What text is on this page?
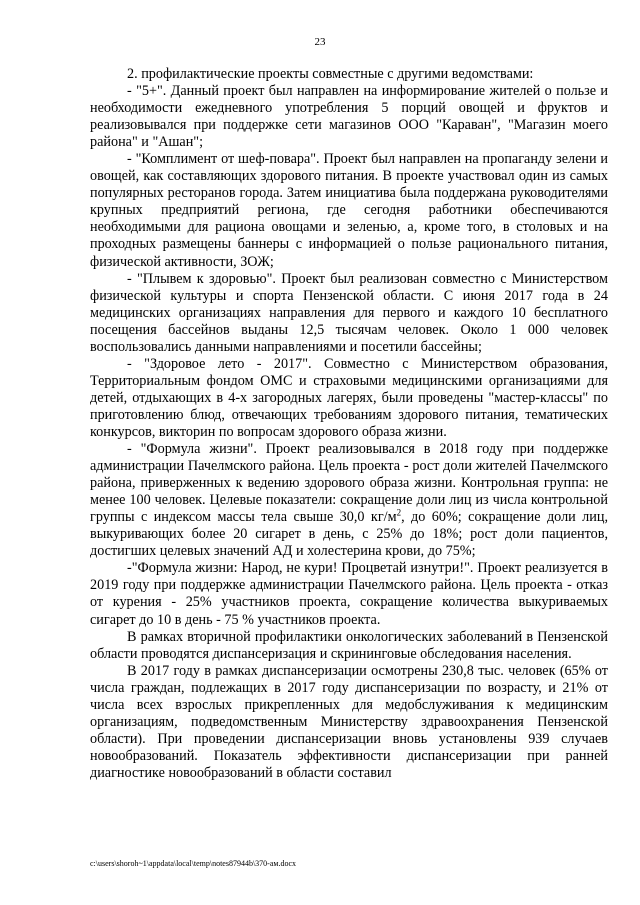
23

2. профилактические проекты совместные с другими ведомствами:

- "5+". Данный проект был направлен на информирование жителей о пользе и необходимости ежедневного употребления 5 порций овощей и фруктов и реализовывался при поддержке сети магазинов ООО "Караван", "Магазин моего района" и "Ашан";

- "Комплимент от шеф-повара". Проект был направлен на пропаганду зелени и овощей, как составляющих здорового питания. В проекте участвовал один из самых популярных ресторанов города. Затем инициатива была поддержана руководителями крупных предприятий региона, где сегодня работники обеспечиваются необходимыми для рациона овощами и зеленью, а, кроме того, в столовых и на проходных размещены баннеры с информацией о пользе рационального питания, физической активности, ЗОЖ;

- "Плывем к здоровью". Проект был реализован совместно с Министерством физической культуры и спорта Пензенской области. С июня 2017 года в 24 медицинских организациях направления для первого и каждого 10 бесплатного посещения бассейнов выданы 12,5 тысячам человек. Около 1 000 человек воспользовались данными направлениями и посетили бассейны;

- "Здоровое лето - 2017". Совместно с Министерством образования, Территориальным фондом ОМС и страховыми медицинскими организациями для детей, отдыхающих в 4-х загородных лагерях, были проведены "мастер-классы" по приготовлению блюд, отвечающих требованиям здорового питания, тематических конкурсов, викторин по вопросам здорового образа жизни.

- "Формула жизни". Проект реализовывался в 2018 году при поддержке администрации Пачелмского района. Цель проекта - рост доли жителей Пачелмского района, приверженных к ведению здорового образа жизни. Контрольная группа: не менее 100 человек. Целевые показатели: сокращение доли лиц из числа контрольной группы с индексом массы тела свыше 30,0 $кг/м^2$, до 60%; сокращение доли лиц, выкуривающих более 20 сигарет в день, с 25% до 18%; рост доли пациентов, достигших целевых значений АД и холестерина крови, до 75%;

-"Формула жизни: Народ, не кури! Процветай изнутри!". Проект реализуется в 2019 году при поддержке администрации Пачелмского района. Цель проекта - отказ от курения - 25% участников проекта, сокращение количества выкуриваемых сигарет до 10 в день - 75 % участников проекта.

В рамках вторичной профилактики онкологических заболеваний в Пензенской области проводятся диспансеризация и скрининговые обследования населения.

В 2017 году в рамках диспансеризации осмотрены 230,8 тыс. человек (65% от числа граждан, подлежащих в 2017 году диспансеризации по возрасту, и 21% от числа всех взрослых прикрепленных для медобслуживания к медицинским организациям, подведомственным Министерству здравоохранения Пензенской области). При проведении диспансеризации вновь установлены 939 случаев новообразований. Показатель эффективности диспансеризации при ранней диагностике новообразований в области составил

c:\users\shoroh~1\appdata\local\temp\notes87944b\370-ам.docx
